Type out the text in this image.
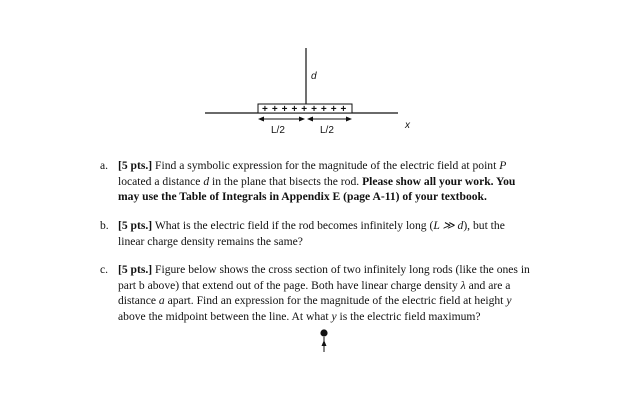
d
x
+ + + + + + + + +
L/2	L/2
a. [5 pts.] Find a symbolic expression for the magnitude of the electric field at point P located a distance d in the plane that bisects the rod. Please show all your work. You may use the Table of Integrals in Appendix E (page A-11) of your textbook.
b. [5 pts.] What is the electric field if the rod becomes infinitely long (L ≫ d), but the linear charge density remains the same?
c. [5 pts.] Figure below shows the cross section of two infinitely long rods (like the ones in part b above) that extend out of the page. Both have linear charge density λ and are a distance a apart. Find an expression for the magnitude of the electric field at height y above the midpoint between the line. At what y is the electric field maximum?
